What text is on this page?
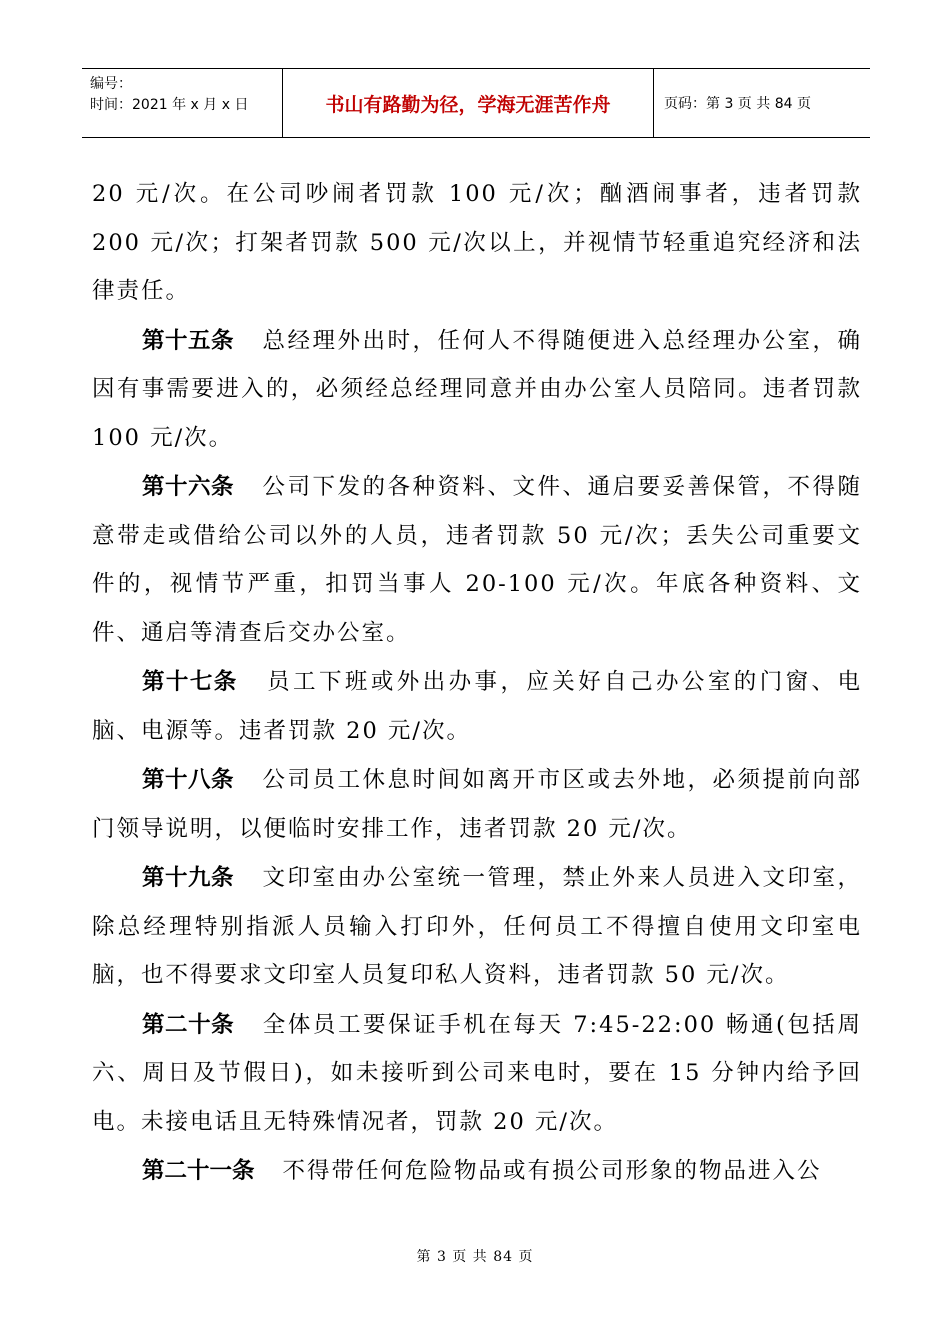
编号：
时间：2021 年 x 月 x 日	书山有路勤为径，学海无涯苦作舟	页码：第 3 页 共 84 页

20 元/次。在公司吵闹者罚款 100 元/次；酗酒闹事者，违者罚款 200 元/次；打架者罚款 500 元/次以上，并视情节轻重追究经济和法律责任。

第十五条 总经理外出时，任何人不得随便进入总经理办公室，确因有事需要进入的，必须经总经理同意并由办公室人员陪同。违者罚款 100 元/次。

第十六条 公司下发的各种资料、文件、通启要妥善保管，不得随意带走或借给公司以外的人员，违者罚款 50 元/次；丢失公司重要文件的，视情节严重，扣罚当事人 20-100 元/次。年底各种资料、文件、通启等清查后交办公室。

第十七条 员工下班或外出办事，应关好自己办公室的门窗、电脑、电源等。违者罚款 20 元/次。

第十八条 公司员工休息时间如离开市区或去外地，必须提前向部门领导说明，以便临时安排工作，违者罚款 20 元/次。

第十九条 文印室由办公室统一管理，禁止外来人员进入文印室，除总经理特别指派人员输入打印外，任何员工不得擅自使用文印室电脑，也不得要求文印室人员复印私人资料，违者罚款 50 元/次。

第二十条 全体员工要保证手机在每天 7:45-22:00 畅通(包括周六、周日及节假日)，如未接听到公司来电时，要在 15 分钟内给予回电。未接电话且无特殊情况者，罚款 20 元/次。

第二十一条 不得带任何危险物品或有损公司形象的物品进入公

第 3 页 共 84 页
